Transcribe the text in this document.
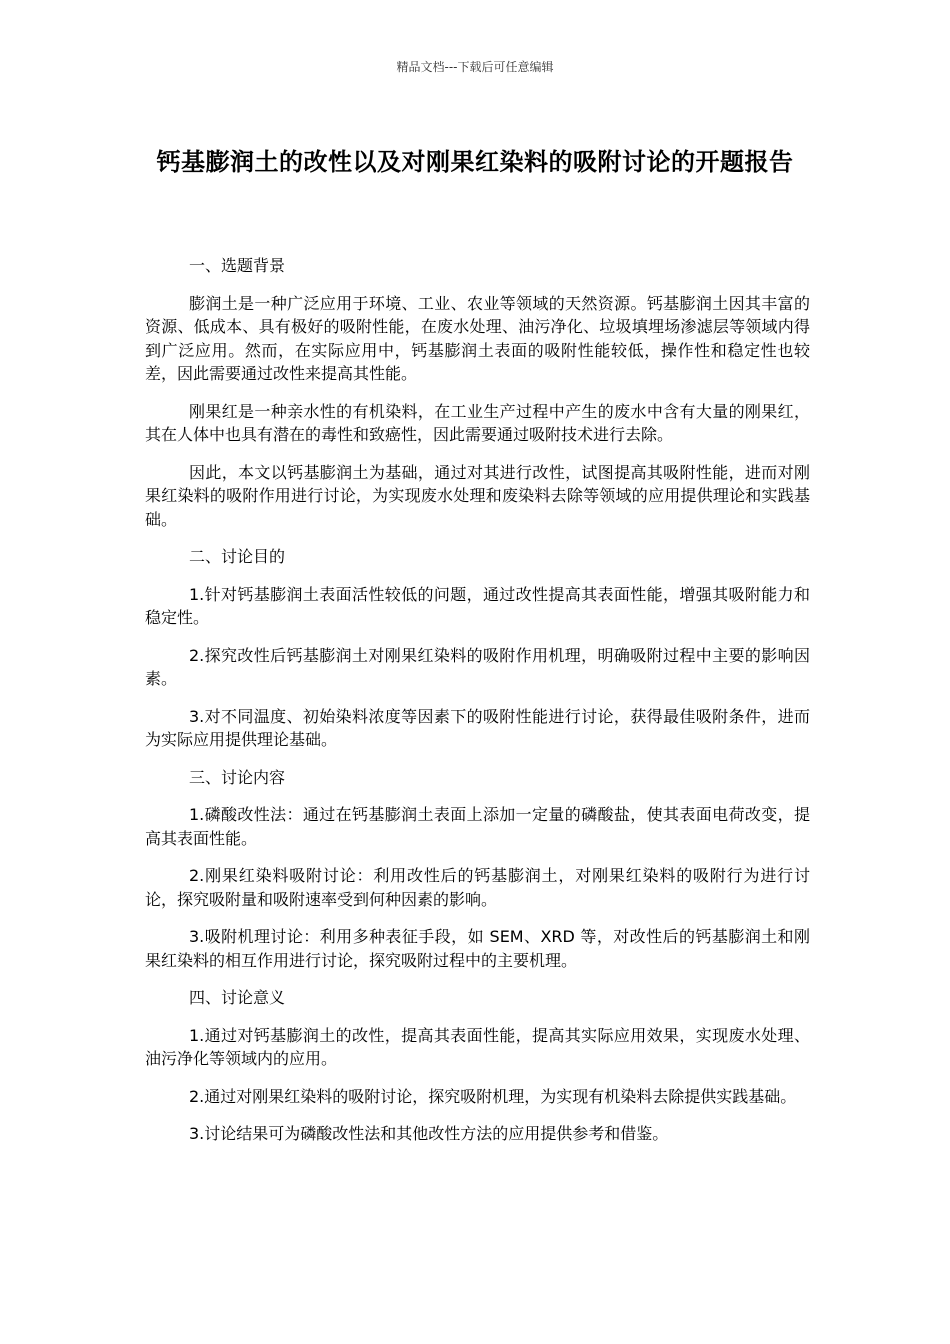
精品文档---下载后可任意编辑
钙基膨润土的改性以及对刚果红染料的吸附讨论的开题报告

一、选题背景

膨润土是一种广泛应用于环境、工业、农业等领域的天然资源。钙基膨润土因其丰富的资源、低成本、具有极好的吸附性能，在废水处理、油污净化、垃圾填埋场渗滤层等领域内得到广泛应用。然而，在实际应用中，钙基膨润土表面的吸附性能较低，操作性和稳定性也较差，因此需要通过改性来提高其性能。

刚果红是一种亲水性的有机染料，在工业生产过程中产生的废水中含有大量的刚果红，其在人体中也具有潜在的毒性和致癌性，因此需要通过吸附技术进行去除。

因此，本文以钙基膨润土为基础，通过对其进行改性，试图提高其吸附性能，进而对刚果红染料的吸附作用进行讨论，为实现废水处理和废染料去除等领域的应用提供理论和实践基础。

二、讨论目的

1.针对钙基膨润土表面活性较低的问题，通过改性提高其表面性能，增强其吸附能力和稳定性。

2.探究改性后钙基膨润土对刚果红染料的吸附作用机理，明确吸附过程中主要的影响因素。

3.对不同温度、初始染料浓度等因素下的吸附性能进行讨论，获得最佳吸附条件，进而为实际应用提供理论基础。

三、讨论内容

1.磷酸改性法：通过在钙基膨润土表面上添加一定量的磷酸盐，使其表面电荷改变，提高其表面性能。

2.刚果红染料吸附讨论：利用改性后的钙基膨润土，对刚果红染料的吸附行为进行讨论，探究吸附量和吸附速率受到何种因素的影响。

3.吸附机理讨论：利用多种表征手段，如 SEM、XRD 等，对改性后的钙基膨润土和刚果红染料的相互作用进行讨论，探究吸附过程中的主要机理。

四、讨论意义

1.通过对钙基膨润土的改性，提高其表面性能，提高其实际应用效果，实现废水处理、油污净化等领域内的应用。

2.通过对刚果红染料的吸附讨论，探究吸附机理，为实现有机染料去除提供实践基础。

3.讨论结果可为磷酸改性法和其他改性方法的应用提供参考和借鉴。
